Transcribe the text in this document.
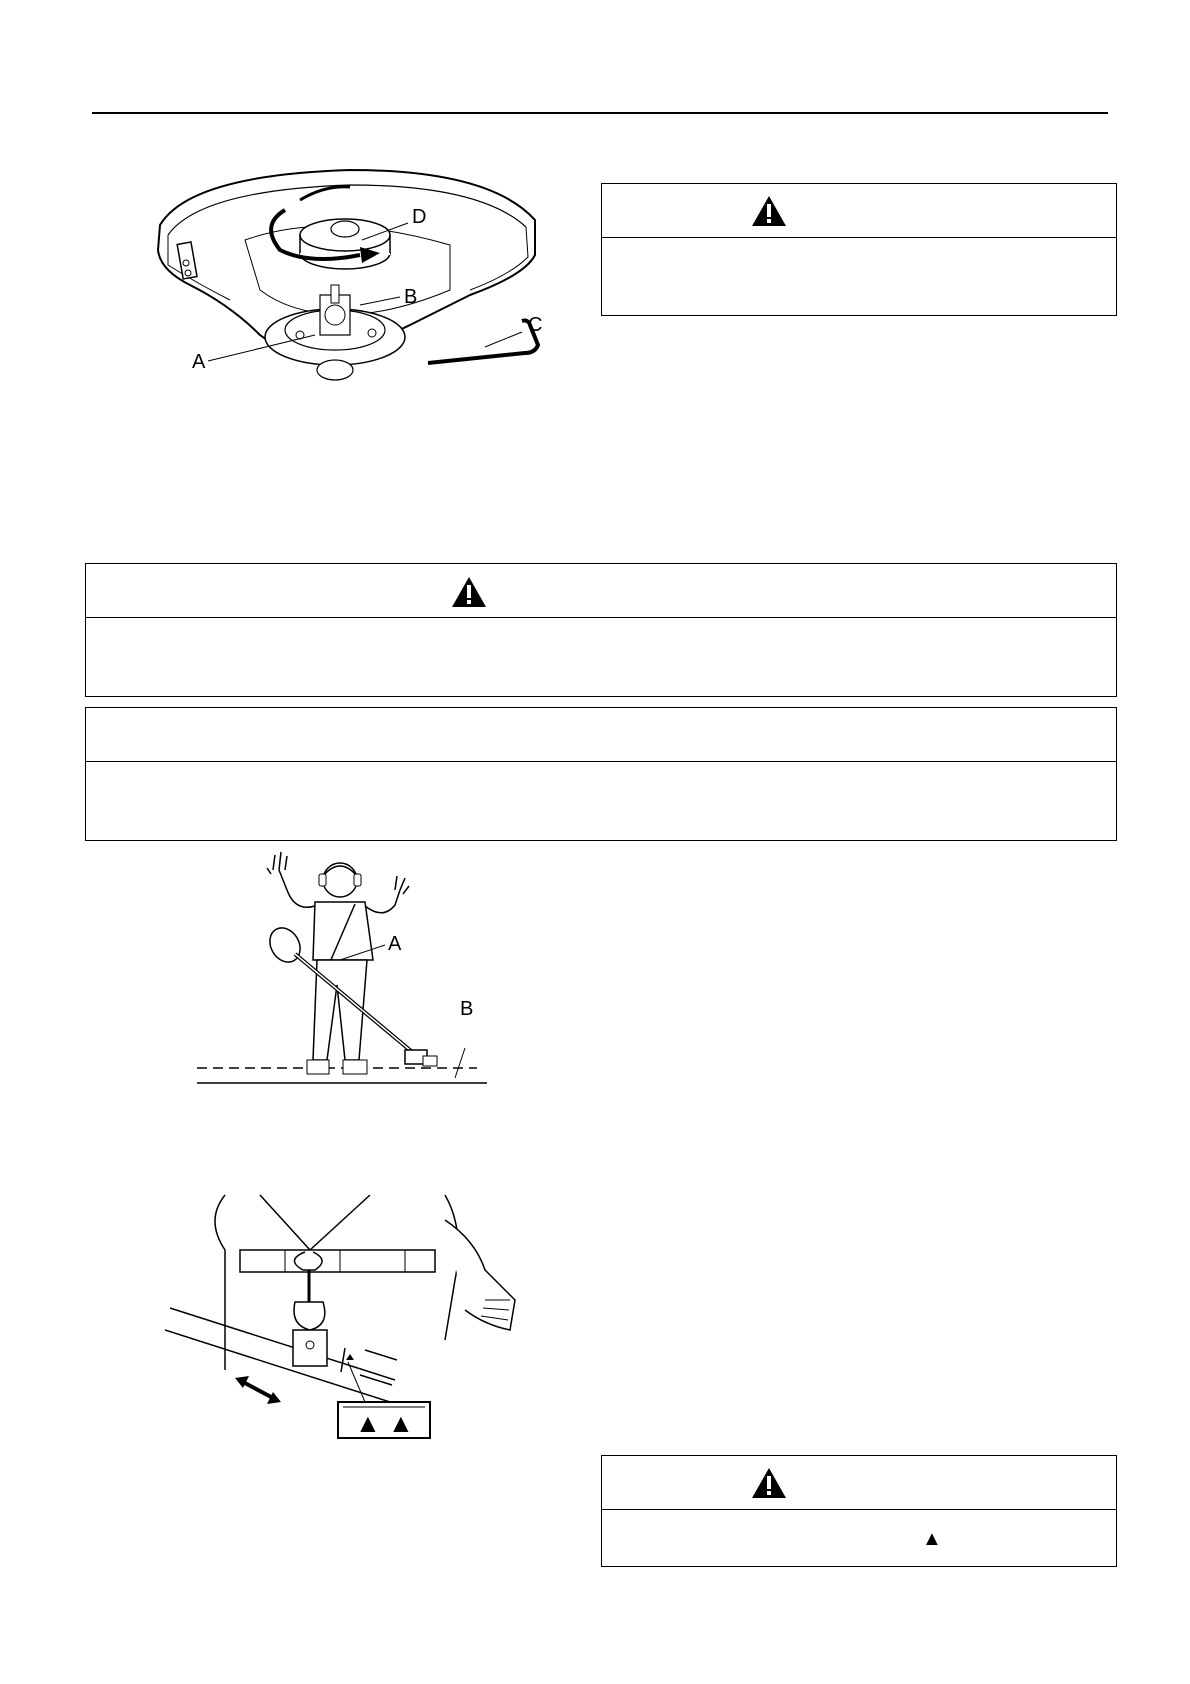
D
B
C
A
A
B
▲ ▲
▲
